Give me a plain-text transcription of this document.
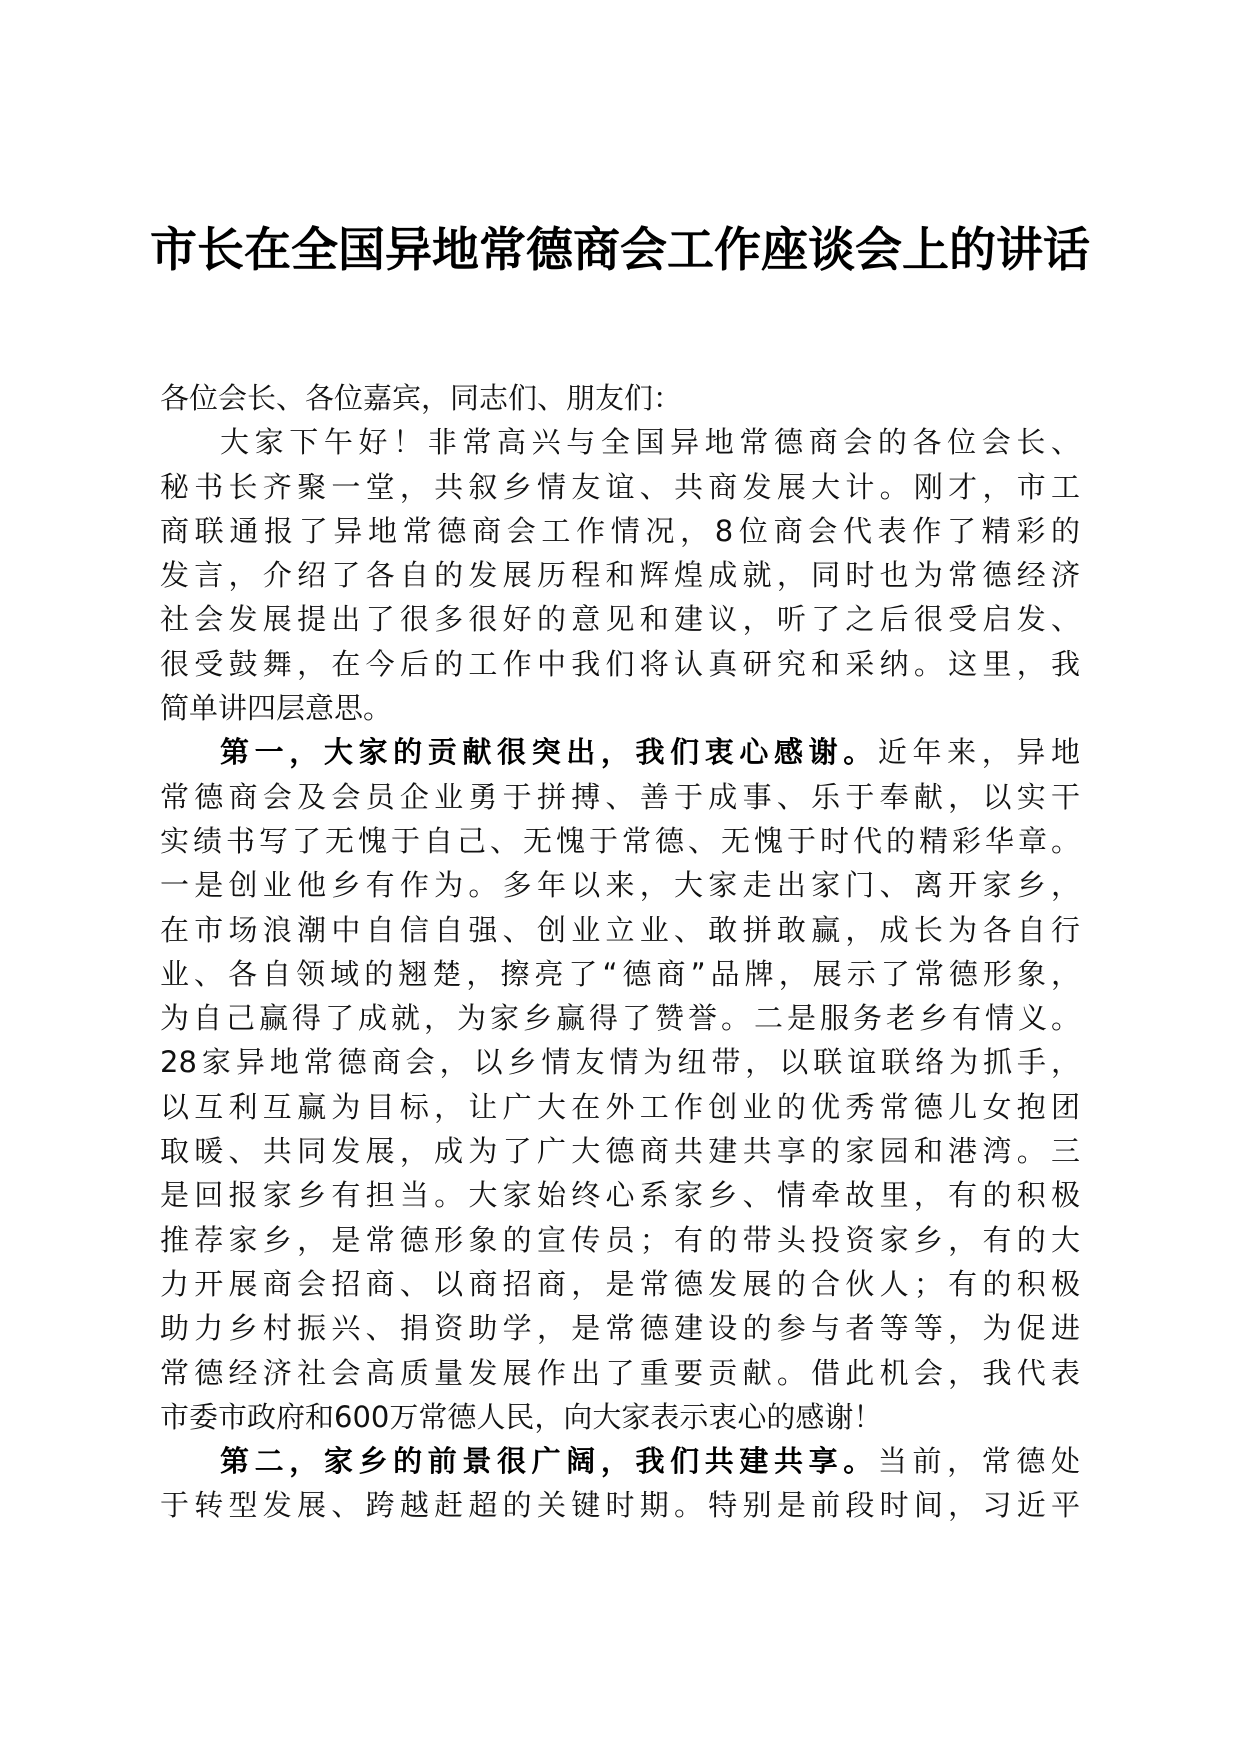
市长在全国异地常德商会工作座谈会上的讲话

各位会长、各位嘉宾，同志们、朋友们：

大家下午好！非常高兴与全国异地常德商会的各位会长、

秘书长齐聚一堂，共叙乡情友谊、共商发展大计。刚才，市工

商联通报了异地常德商会工作情况，8位商会代表作了精彩的

发言，介绍了各自的发展历程和辉煌成就，同时也为常德经济

社会发展提出了很多很好的意见和建议，听了之后很受启发、

很受鼓舞，在今后的工作中我们将认真研究和采纳。这里，我

简单讲四层意思。

第一，大家的贡献很突出，我们衷心感谢。近年来，异地

常德商会及会员企业勇于拼搏、善于成事、乐于奉献，以实干

实绩书写了无愧于自己、无愧于常德、无愧于时代的精彩华章。

一是创业他乡有作为。多年以来，大家走出家门、离开家乡，

在市场浪潮中自信自强、创业立业、敢拼敢赢，成长为各自行

业、各自领域的翘楚，擦亮了“德商”品牌，展示了常德形象，

为自己赢得了成就，为家乡赢得了赞誉。二是服务老乡有情义。

28家异地常德商会，以乡情友情为纽带，以联谊联络为抓手，

以互利互赢为目标，让广大在外工作创业的优秀常德儿女抱团

取暖、共同发展，成为了广大德商共建共享的家园和港湾。三

是回报家乡有担当。大家始终心系家乡、情牵故里，有的积极

推荐家乡，是常德形象的宣传员；有的带头投资家乡，有的大

力开展商会招商、以商招商，是常德发展的合伙人；有的积极

助力乡村振兴、捐资助学，是常德建设的参与者等等，为促进

常德经济社会高质量发展作出了重要贡献。借此机会，我代表

市委市政府和600万常德人民，向大家表示衷心的感谢！

第二，家乡的前景很广阔，我们共建共享。当前，常德处

于转型发展、跨越赶超的关键时期。特别是前段时间，习近平
